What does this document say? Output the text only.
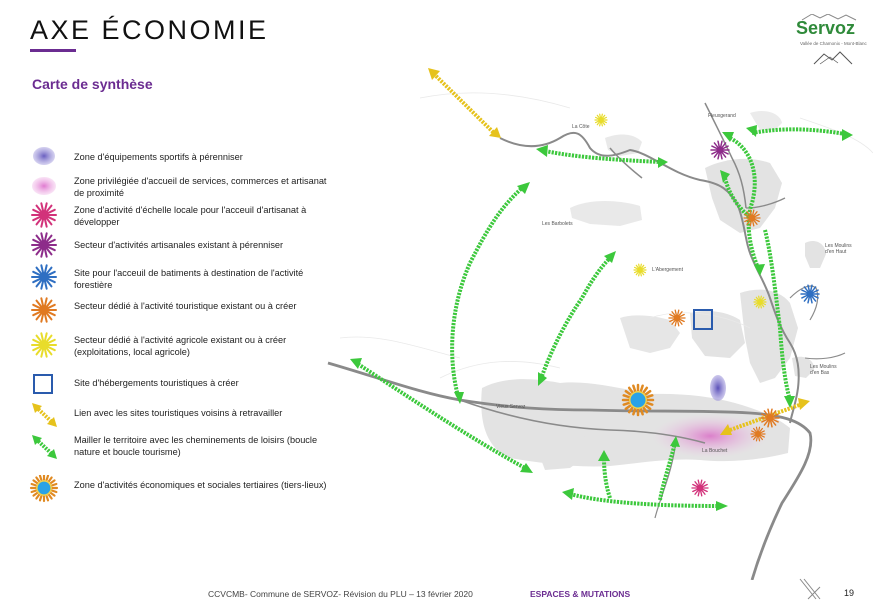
AXE ÉCONOMIE
Carte de synthèse
Servoz
Vallée de Chamonix - Mont-Blanc
Zone d'équipements sportifs à pérenniser
Zone privilégiée d'accueil de services, commerces et artisanat de proximité
Zone d'activité d'échelle locale pour l'acceuil d'artisanat à développer
Secteur d'activités artisanales existant à pérenniser
Site pour l'acceuil de batiments à destination de l'activité forestière
Secteur dédié à l'activité touristique existant ou à créer
Secteur dédié à l'activité agricole existant ou à créer (exploitations, local agricole)
Site d'hébergements touristiques à créer
Lien avec les sites touristiques voisins à retravailler
Mailler le territoire avec les cheminements de loisirs (boucle nature et boucle tourisme)
Zone d'activités économiques et sociales tertiaires (tiers-lieux)
La Côte
Fleuxgerand
Les Barbolets
L'Abergement
Les Moulins d'en Haut
Les Moulins d'en Bas
Vieux Servoz
La Bouchet
CCVCMB- Commune de SERVOZ- Révision du PLU – 13 février 2020	ESPACES & MUTATIONS	19
